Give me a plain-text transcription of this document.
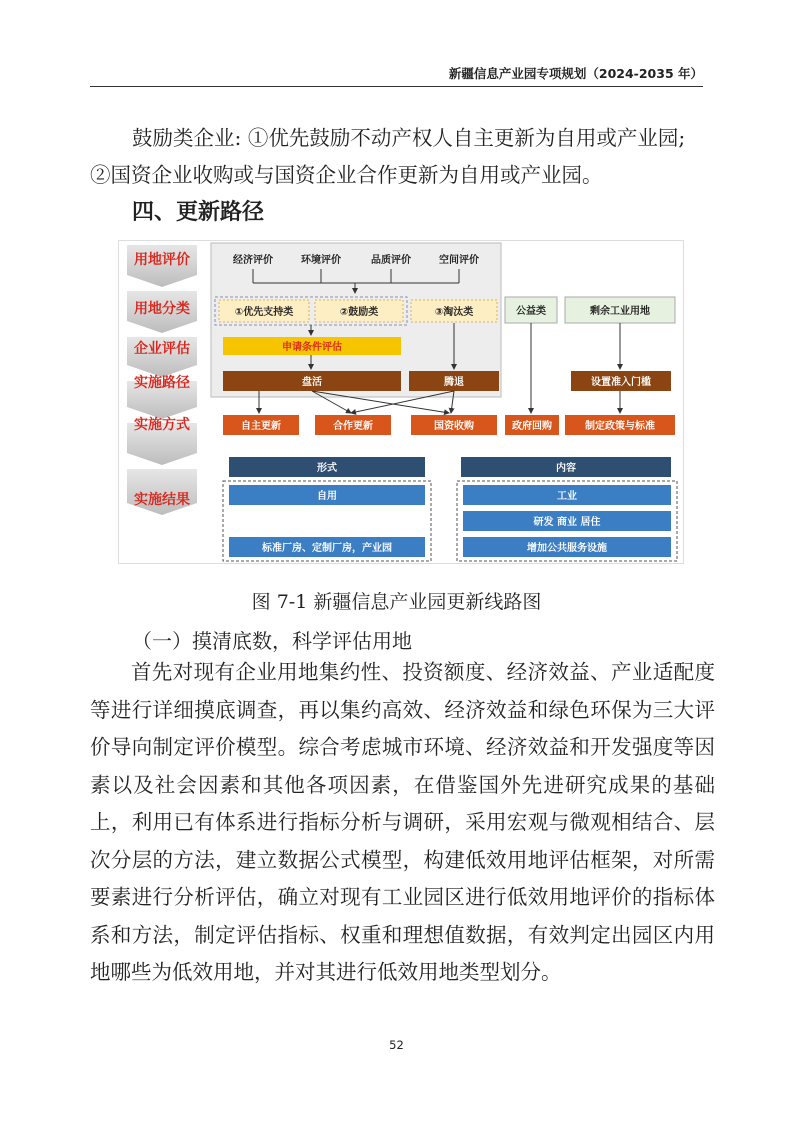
新疆信息产业园专项规划（2024-2035 年）
鼓励类企业: ①优先鼓励不动产权人自主更新为自用或产业园;
②国资企业收购或与国资企业合作更新为自用或产业园。
四、更新路径
用地评价
用地分类
企业评估
实施路径
实施方式
实施结果
经济评价	环境评价	品质评价	空间评价
①优先支持类	②鼓励类	③淘汰类	公益类	剩余工业用地
申请条件评估
盘活	腾退	设置准入门槛
自主更新	合作更新	国资收购	政府回购	制定政策与标准
形式	内容
自用
标准厂房、定制厂房，产业园
工业
研发 商业 居住
增加公共服务设施
图 7-1 新疆信息产业园更新线路图
（一）摸清底数，科学评估用地
首先对现有企业用地集约性、投资额度、经济效益、产业适配度等进行详细摸底调查，再以集约高效、经济效益和绿色环保为三大评价导向制定评价模型。综合考虑城市环境、经济效益和开发强度等因素以及社会因素和其他各项因素，在借鉴国外先进研究成果的基础上，利用已有体系进行指标分析与调研，采用宏观与微观相结合、层次分层的方法，建立数据公式模型，构建低效用地评估框架，对所需要素进行分析评估，确立对现有工业园区进行低效用地评价的指标体系和方法，制定评估指标、权重和理想值数据，有效判定出园区内用地哪些为低效用地，并对其进行低效用地类型划分。
52
